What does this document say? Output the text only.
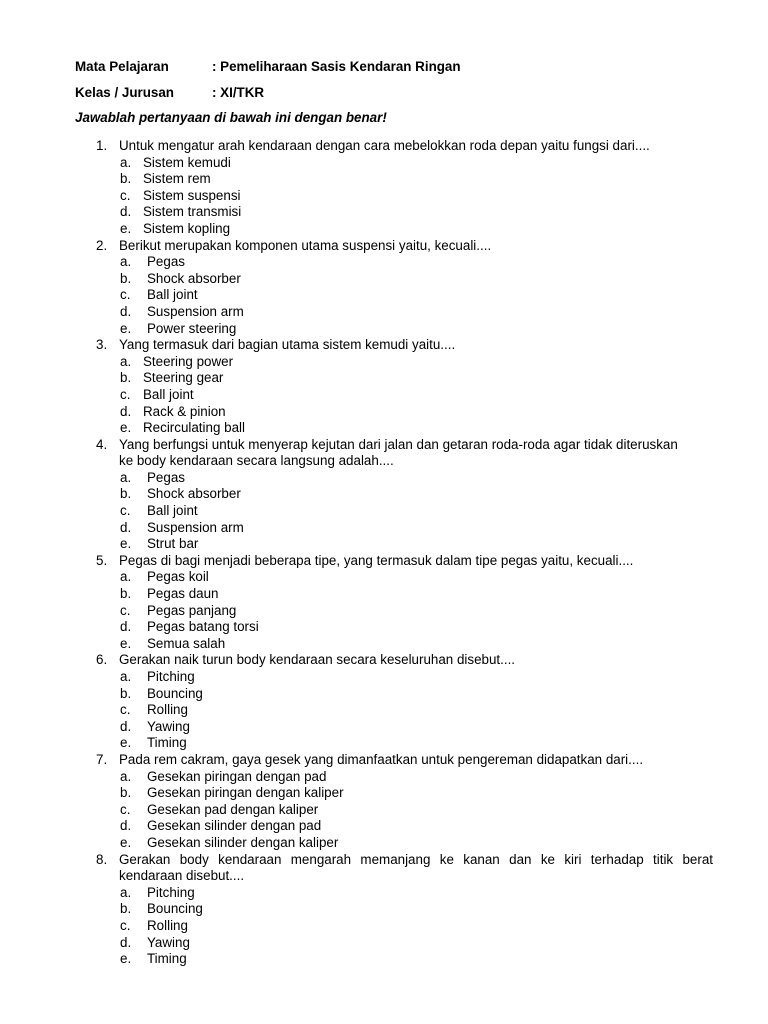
Mata Pelajaran	: Pemeliharaan Sasis Kendaran Ringan
Kelas / Jurusan	: XI/TKR
Jawablah pertanyaan di bawah ini dengan benar!
1. Untuk mengatur arah kendaraan dengan cara mebelokkan roda depan yaitu fungsi dari....
a. Sistem kemudi
b. Sistem rem
c. Sistem suspensi
d. Sistem transmisi
e. Sistem kopling
2. Berikut merupakan komponen utama suspensi yaitu, kecuali....
a. Pegas
b. Shock absorber
c. Ball joint
d. Suspension arm
e. Power steering
3. Yang termasuk dari bagian utama sistem kemudi yaitu....
a. Steering power
b. Steering gear
c. Ball joint
d. Rack & pinion
e. Recirculating ball
4. Yang berfungsi untuk menyerap kejutan dari jalan dan getaran roda-roda agar tidak diteruskan
ke body kendaraan secara langsung adalah....
a. Pegas
b. Shock absorber
c. Ball joint
d. Suspension arm
e. Strut bar
5. Pegas di bagi menjadi beberapa tipe, yang termasuk dalam tipe pegas yaitu, kecuali....
a. Pegas koil
b. Pegas daun
c. Pegas panjang
d. Pegas batang torsi
e. Semua salah
6. Gerakan naik turun body kendaraan secara keseluruhan disebut....
a. Pitching
b. Bouncing
c. Rolling
d. Yawing
e. Timing
7. Pada rem cakram, gaya gesek yang dimanfaatkan untuk pengereman didapatkan dari....
a. Gesekan piringan dengan pad
b. Gesekan piringan dengan kaliper
c. Gesekan pad dengan kaliper
d. Gesekan silinder dengan pad
e. Gesekan silinder dengan kaliper
8. Gerakan body kendaraan mengarah memanjang ke kanan dan ke kiri terhadap titik berat
kendaraan disebut....
a. Pitching
b. Bouncing
c. Rolling
d. Yawing
e. Timing
